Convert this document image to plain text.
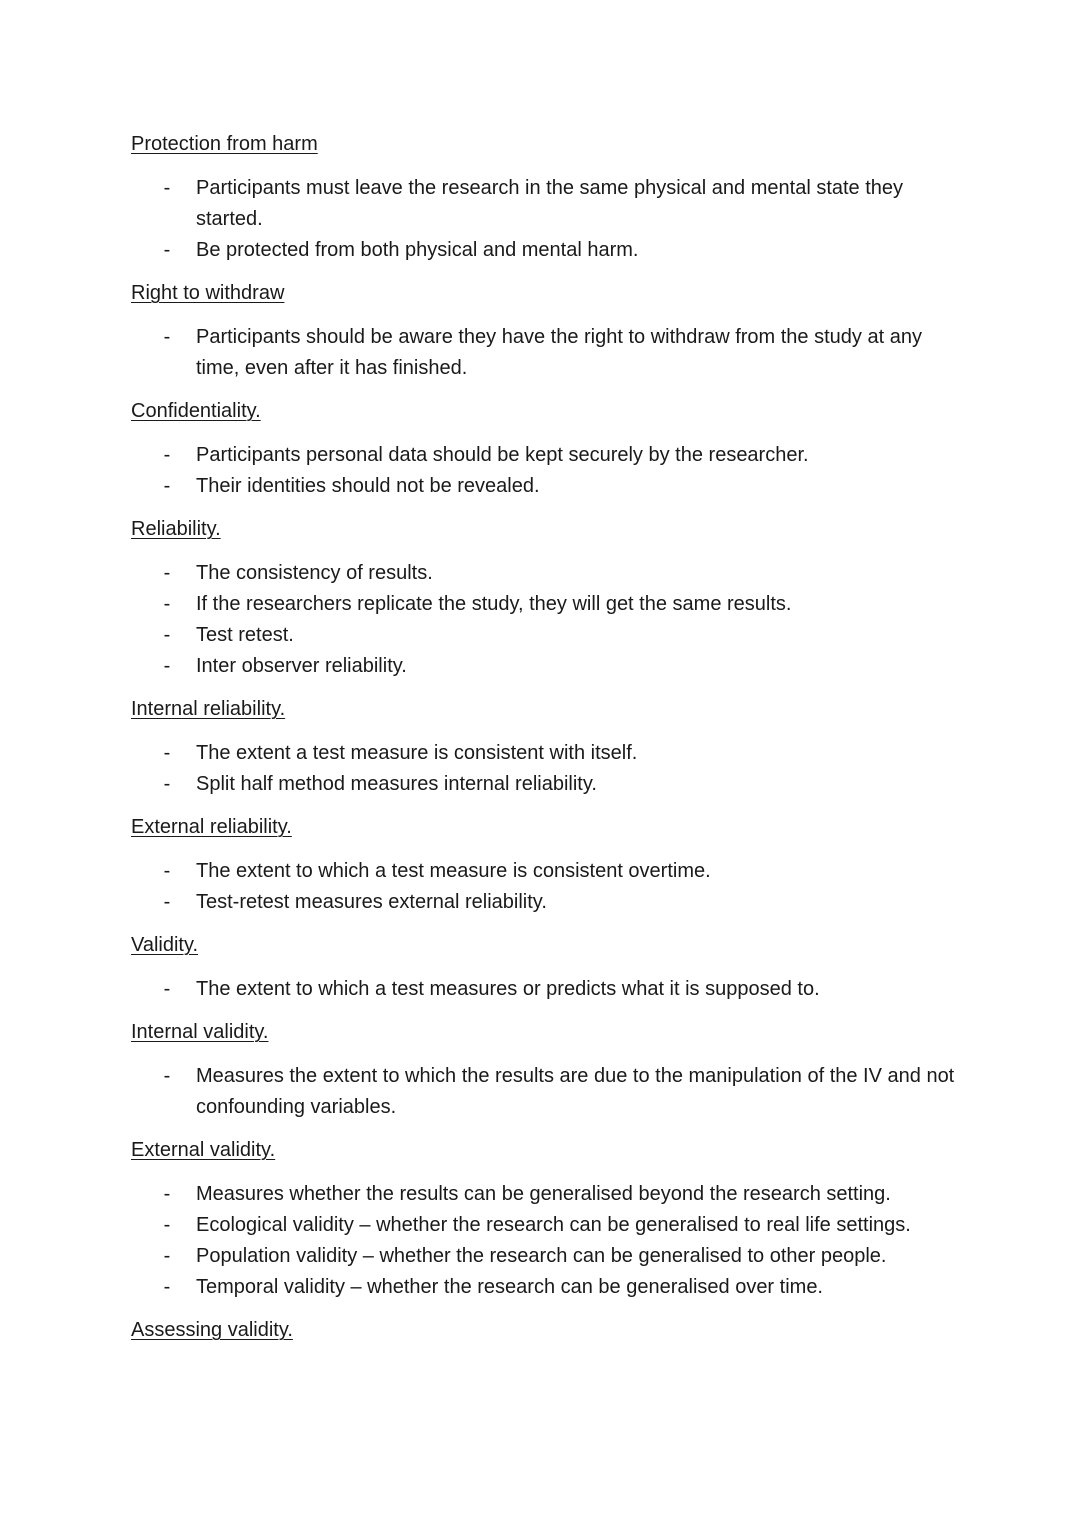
Protection from harm
- Participants must leave the research in the same physical and mental state they started.
- Be protected from both physical and mental harm.
Right to withdraw
- Participants should be aware they have the right to withdraw from the study at any time, even after it has finished.
Confidentiality.
- Participants personal data should be kept securely by the researcher.
- Their identities should not be revealed.
Reliability.
- The consistency of results.
- If the researchers replicate the study, they will get the same results.
- Test retest.
- Inter observer reliability.
Internal reliability.
- The extent a test measure is consistent with itself.
- Split half method measures internal reliability.
External reliability.
- The extent to which a test measure is consistent overtime.
- Test-retest measures external reliability.
Validity.
- The extent to which a test measures or predicts what it is supposed to.
Internal validity.
- Measures the extent to which the results are due to the manipulation of the IV and not confounding variables.
External validity.
- Measures whether the results can be generalised beyond the research setting.
- Ecological validity – whether the research can be generalised to real life settings.
- Population validity – whether the research can be generalised to other people.
- Temporal validity – whether the research can be generalised over time.
Assessing validity.
